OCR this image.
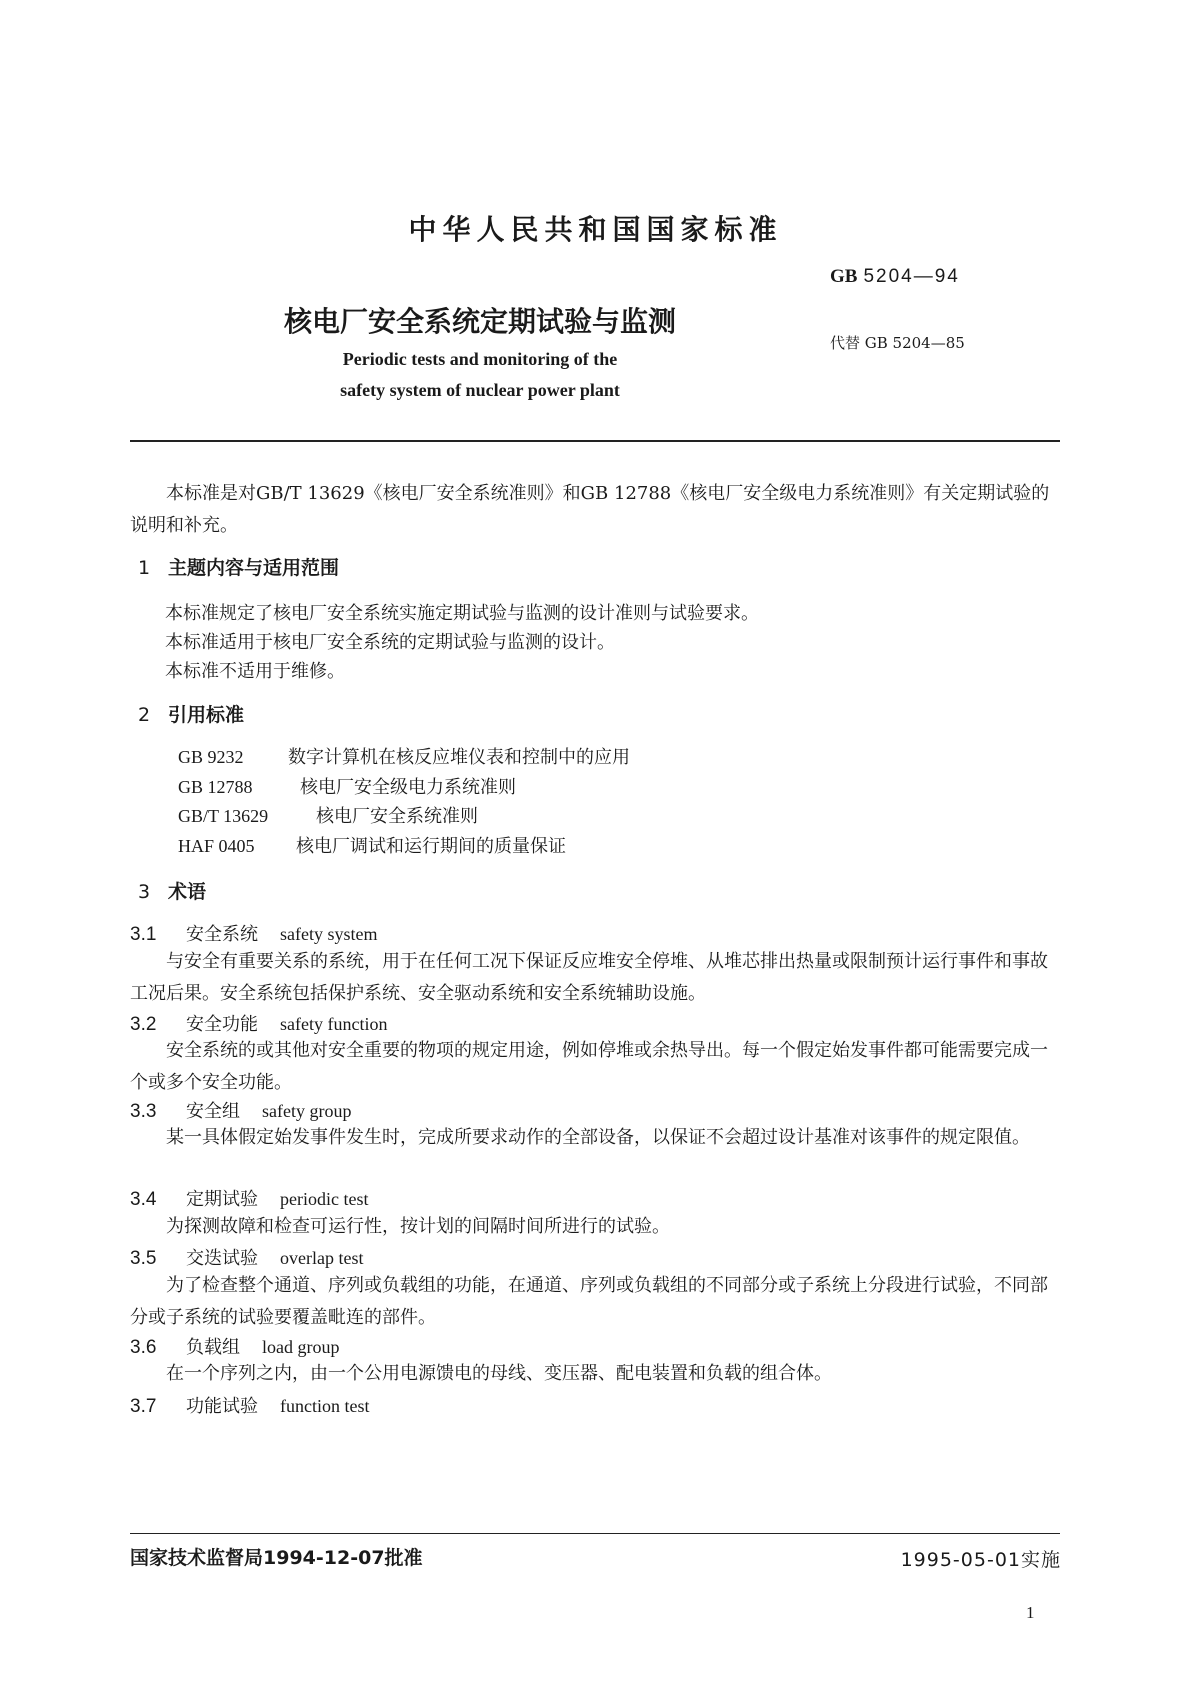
中华人民共和国国家标准
GB 5204—94
核电厂安全系统定期试验与监测
代替 GB 5204—85
Periodic tests and monitoring of the
safety system of nuclear power plant
本标准是对GB/T 13629《核电厂安全系统准则》和GB 12788《核电厂安全级电力系统准则》有关定期试验的说明和补充。
1 主题内容与适用范围
本标准规定了核电厂安全系统实施定期试验与监测的设计准则与试验要求。
本标准适用于核电厂安全系统的定期试验与监测的设计。
本标准不适用于维修。
2 引用标准
GB 9232 数字计算机在核反应堆仪表和控制中的应用
GB 12788	核电厂安全级电力系统准则
GB/T 13629	核电厂安全系统准则
HAF 0405 核电厂调试和运行期间的质量保证
3 术语
3.1 安全系统 safety system
与安全有重要关系的系统，用于在任何工况下保证反应堆安全停堆、从堆芯排出热量或限制预计运行事件和事故工况后果。安全系统包括保护系统、安全驱动系统和安全系统辅助设施。
3.2 安全功能 safety function
安全系统的或其他对安全重要的物项的规定用途，例如停堆或余热导出。每一个假定始发事件都可能需要完成一个或多个安全功能。
3.3 安全组 safety group
某一具体假定始发事件发生时，完成所要求动作的全部设备，以保证不会超过设计基准对该事件的规定限值。
3.4 定期试验 periodic test
为探测故障和检查可运行性，按计划的间隔时间所进行的试验。
3.5 交迭试验 overlap test
为了检查整个通道、序列或负载组的功能，在通道、序列或负载组的不同部分或子系统上分段进行试验，不同部分或子系统的试验要覆盖毗连的部件。
3.6 负载组 load group
在一个序列之内，由一个公用电源馈电的母线、变压器、配电装置和负载的组合体。
3.7 功能试验 function test
国家技术监督局1994-12-07批准	1995-05-01实施
1
